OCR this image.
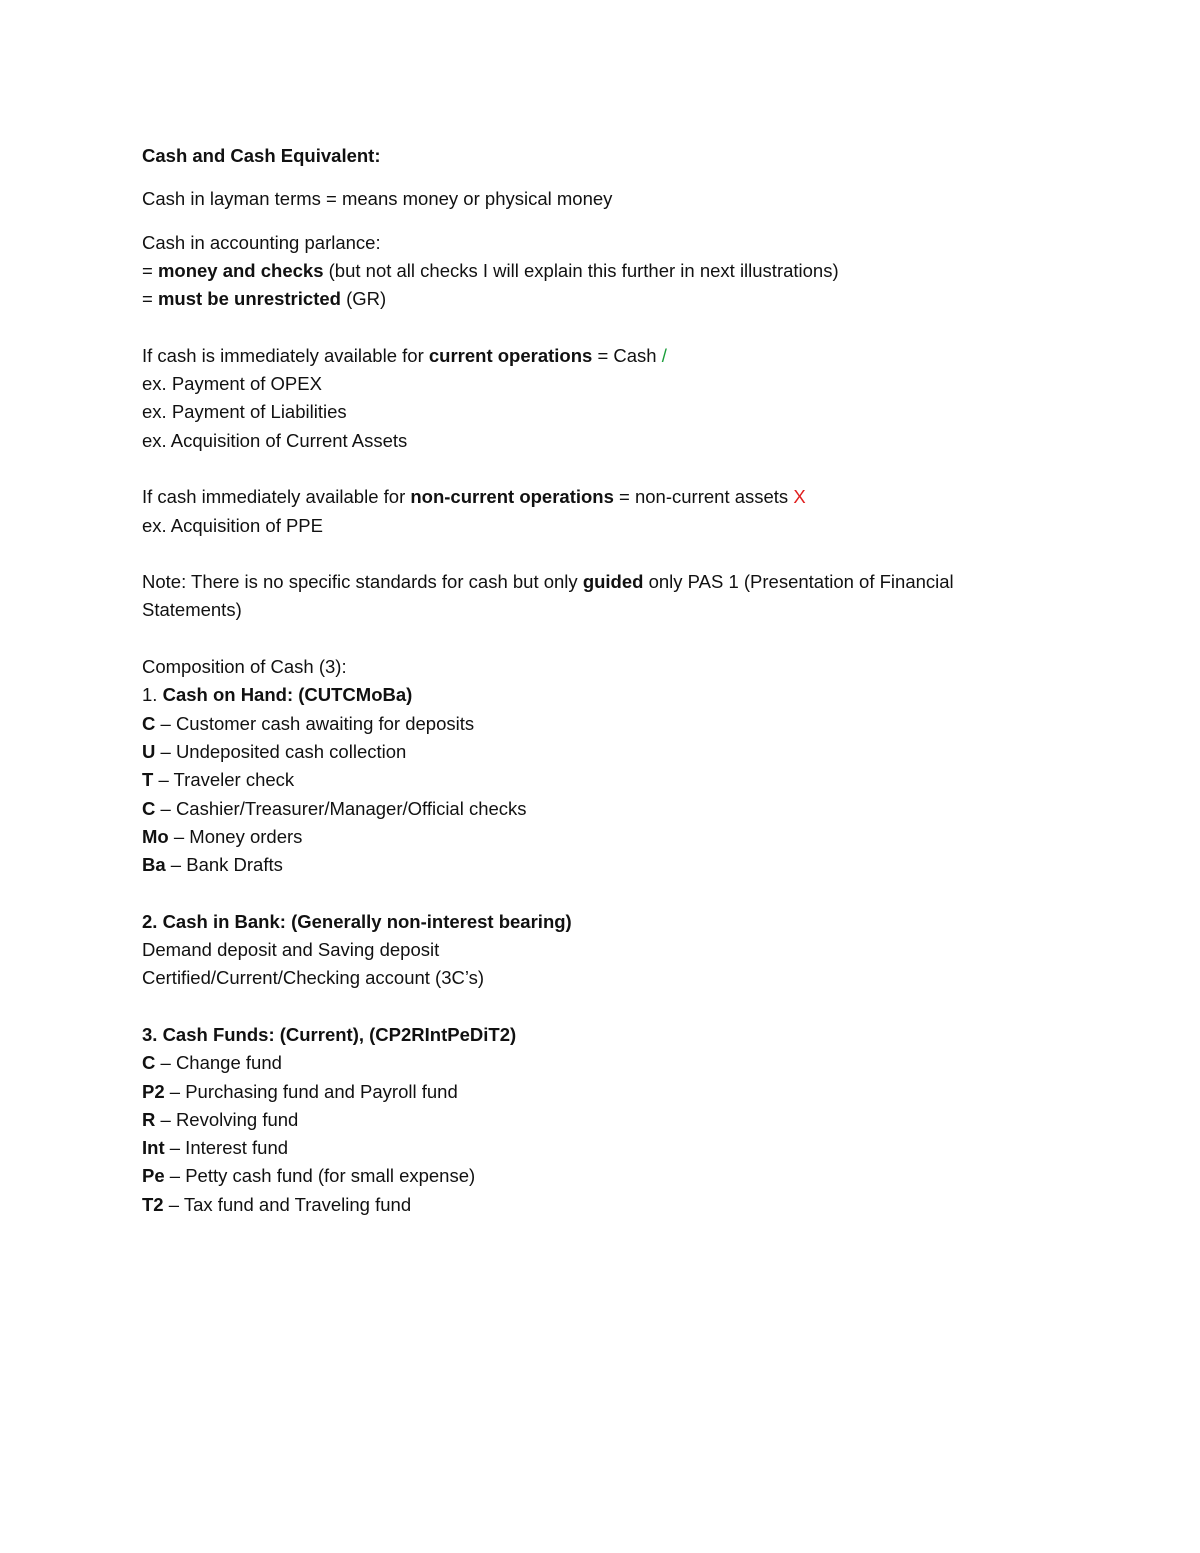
Cash and Cash Equivalent:
Cash in layman terms = means money or physical money
Cash in accounting parlance:
= money and checks (but not all checks I will explain this further in next illustrations)
= must be unrestricted (GR)
If cash is immediately available for current operations = Cash /
ex. Payment of OPEX
ex. Payment of Liabilities
ex. Acquisition of Current Assets
If cash immediately available for non-current operations = non-current assets X
ex. Acquisition of PPE
Note: There is no specific standards for cash but only guided only PAS 1 (Presentation of Financial Statements)
Composition of Cash (3):
1. Cash on Hand: (CUTCMoBa)
C – Customer cash awaiting for deposits
U – Undeposited cash collection
T – Traveler check
C – Cashier/Treasurer/Manager/Official checks
Mo – Money orders
Ba – Bank Drafts
2. Cash in Bank: (Generally non-interest bearing)
Demand deposit and Saving deposit
Certified/Current/Checking account (3C’s)
3. Cash Funds: (Current), (CP2RIntPeDiT2)
C – Change fund
P2 – Purchasing fund and Payroll fund
R – Revolving fund
Int – Interest fund
Pe – Petty cash fund (for small expense)
T2 – Tax fund and Traveling fund
